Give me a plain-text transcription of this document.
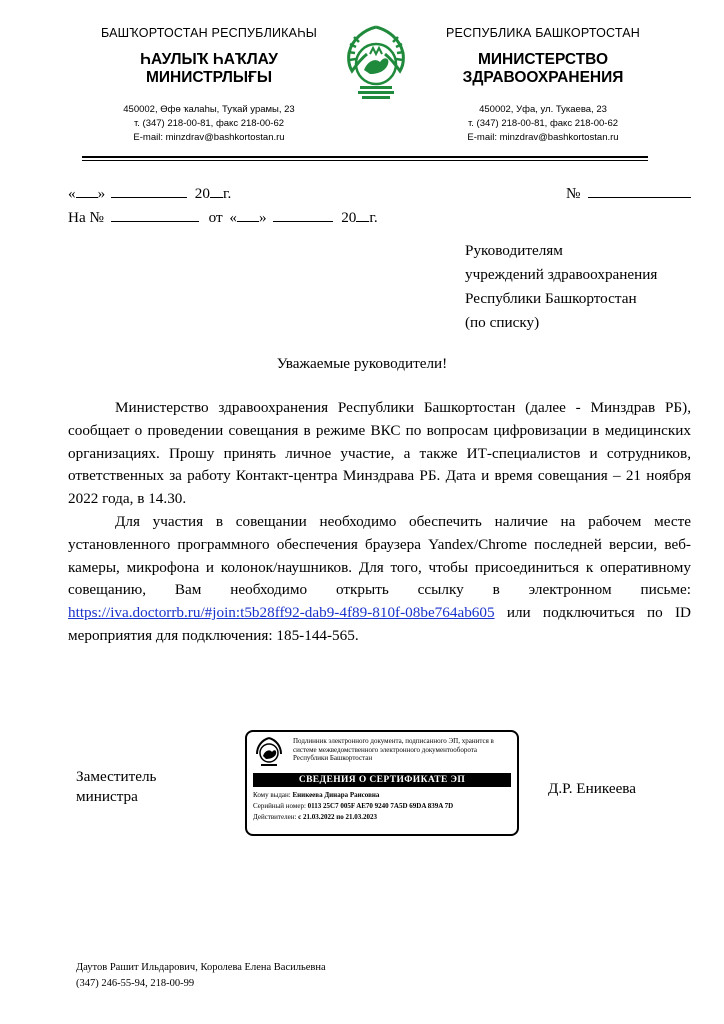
БАШҠОРТОСТАН РЕСПУБЛИКАҺЫ
ҺАУЛЫҠ ҺАҠЛАУ
МИНИСТРЛЫҒЫ
450002, Өфө ҡалаһы, Туҡай урамы, 23
т. (347) 218-00-81, факс 218-00-62
E-mail: minzdrav@bashkortostan.ru
РЕСПУБЛИКА БАШКОРТОСТАН
МИНИСТЕРСТВО
ЗДРАВООХРАНЕНИЯ
450002, Уфа, ул. Тукаева, 23
т. (347) 218-00-81, факс 218-00-62
E-mail: minzdrav@bashkortostan.ru
« »	20 г.	№
На №	от « »	20 г.
Руководителям
учреждений здравоохранения
Республики Башкортостан
(по списку)
Уважаемые руководители!

Министерство здравоохранения Республики Башкортостан (далее - Минздрав РБ), сообщает о проведении совещания в режиме ВКС по вопросам цифровизации в медицинских организациях. Прошу принять личное участие, а также ИТ-специалистов и сотрудников, ответственных за работу Контакт-центра Минздрава РБ. Дата и время совещания – 21 ноября 2022 года, в 14.30.

Для участия в совещании необходимо обеспечить наличие на рабочем месте установленного программного обеспечения браузера Yandex/Chrome последней версии, веб-камеры, микрофона и колонок/наушников. Для того, чтобы присоединиться к оперативному совещанию, Вам необходимо открыть ссылку в электронном письме: https://iva.doctorrb.ru/#join:t5b28ff92-dab9-4f89-810f-08be764ab605 или подключиться по ID мероприятия для подключения: 185-144-565.

Заместитель
министра	Д.Р. Еникеева
Подлинник электронного документа, подписанного ЭП, хранится в системе межведомственного электронного документооборота Республики Башкортостан
СВЕДЕНИЯ О СЕРТИФИКАТЕ ЭП
Кому выдан: Еникеева Динара Раисовна
Серийный номер: 0113 25C7 005F AE70 9240 7A5D 69DA 839A 7D
Действителен: с 21.03.2022 по 21.03.2023
Даутов Рашит Ильдарович, Королева Елена Васильевна
(347) 246-55-94, 218-00-99
